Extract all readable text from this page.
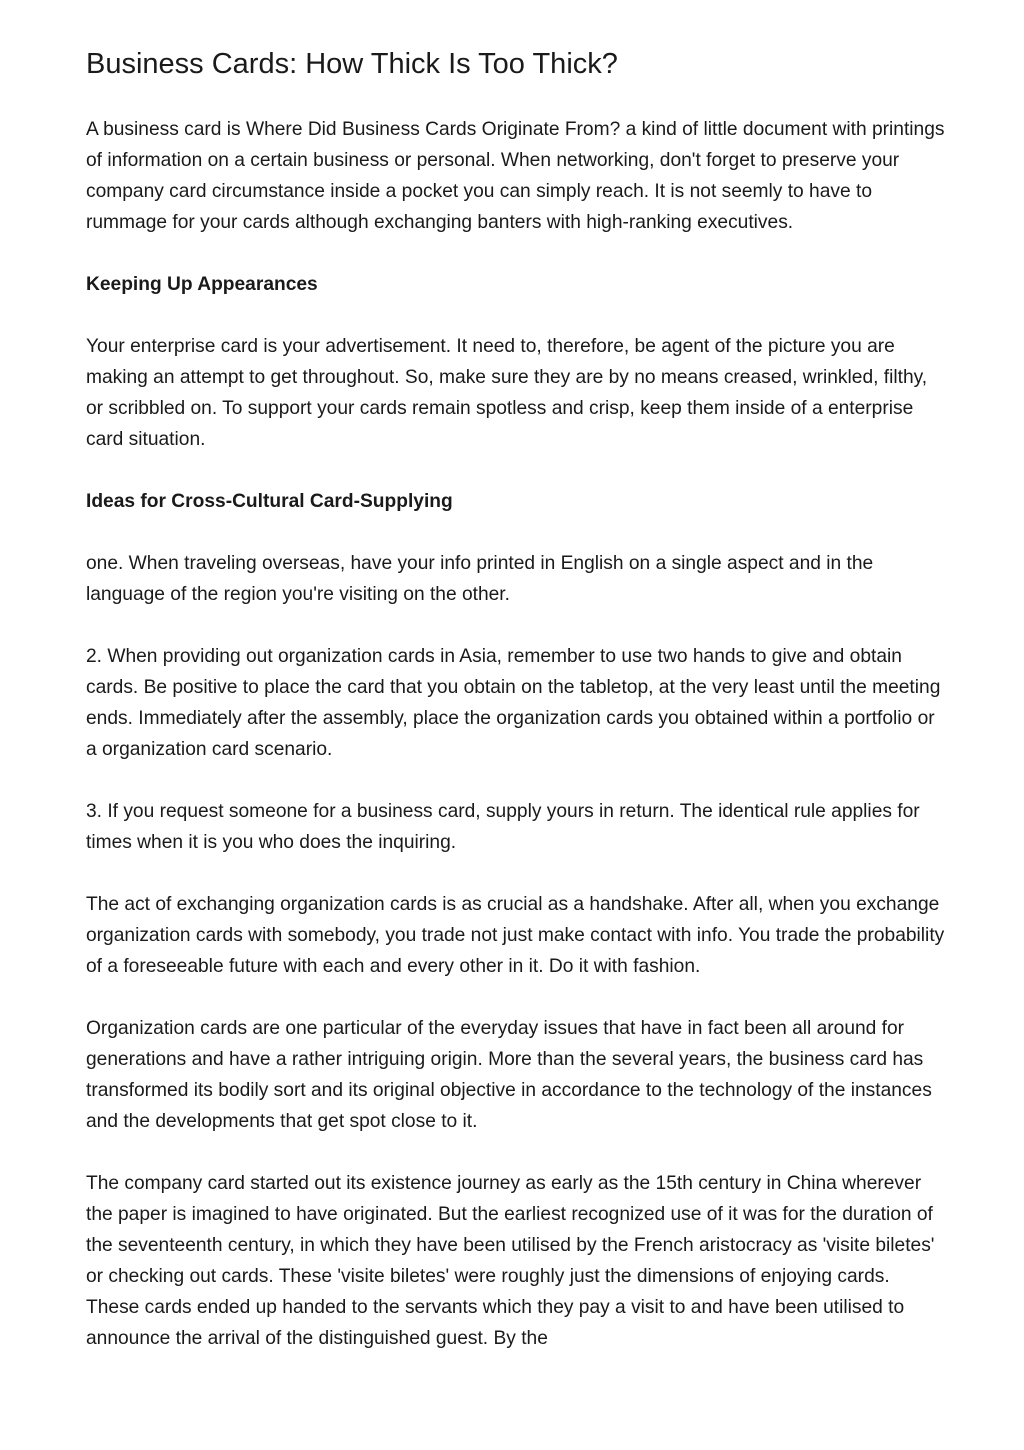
Business Cards: How Thick Is Too Thick?

A business card is Where Did Business Cards Originate From? a kind of little document with printings of information on a certain business or personal. When networking, don't forget to preserve your company card circumstance inside a pocket you can simply reach. It is not seemly to have to rummage for your cards although exchanging banters with high-ranking executives.

Keeping Up Appearances

Your enterprise card is your advertisement. It need to, therefore, be agent of the picture you are making an attempt to get throughout. So, make sure they are by no means creased, wrinkled, filthy, or scribbled on. To support your cards remain spotless and crisp, keep them inside of a enterprise card situation.

Ideas for Cross-Cultural Card-Supplying

one. When traveling overseas, have your info printed in English on a single aspect and in the language of the region you're visiting on the other.

2. When providing out organization cards in Asia, remember to use two hands to give and obtain cards. Be positive to place the card that you obtain on the tabletop, at the very least until the meeting ends. Immediately after the assembly, place the organization cards you obtained within a portfolio or a organization card scenario.

3. If you request someone for a business card, supply yours in return. The identical rule applies for times when it is you who does the inquiring.

The act of exchanging organization cards is as crucial as a handshake. After all, when you exchange organization cards with somebody, you trade not just make contact with info. You trade the probability of a foreseeable future with each and every other in it. Do it with fashion.

Organization cards are one particular of the everyday issues that have in fact been all around for generations and have a rather intriguing origin. More than the several years, the business card has transformed its bodily sort and its original objective in accordance to the technology of the instances and the developments that get spot close to it.

The company card started out its existence journey as early as the 15th century in China wherever the paper is imagined to have originated. But the earliest recognized use of it was for the duration of the seventeenth century, in which they have been utilised by the French aristocracy as 'visite biletes' or checking out cards. These 'visite biletes' were roughly just the dimensions of enjoying cards. These cards ended up handed to the servants which they pay a visit to and have been utilised to announce the arrival of the distinguished guest. By the
